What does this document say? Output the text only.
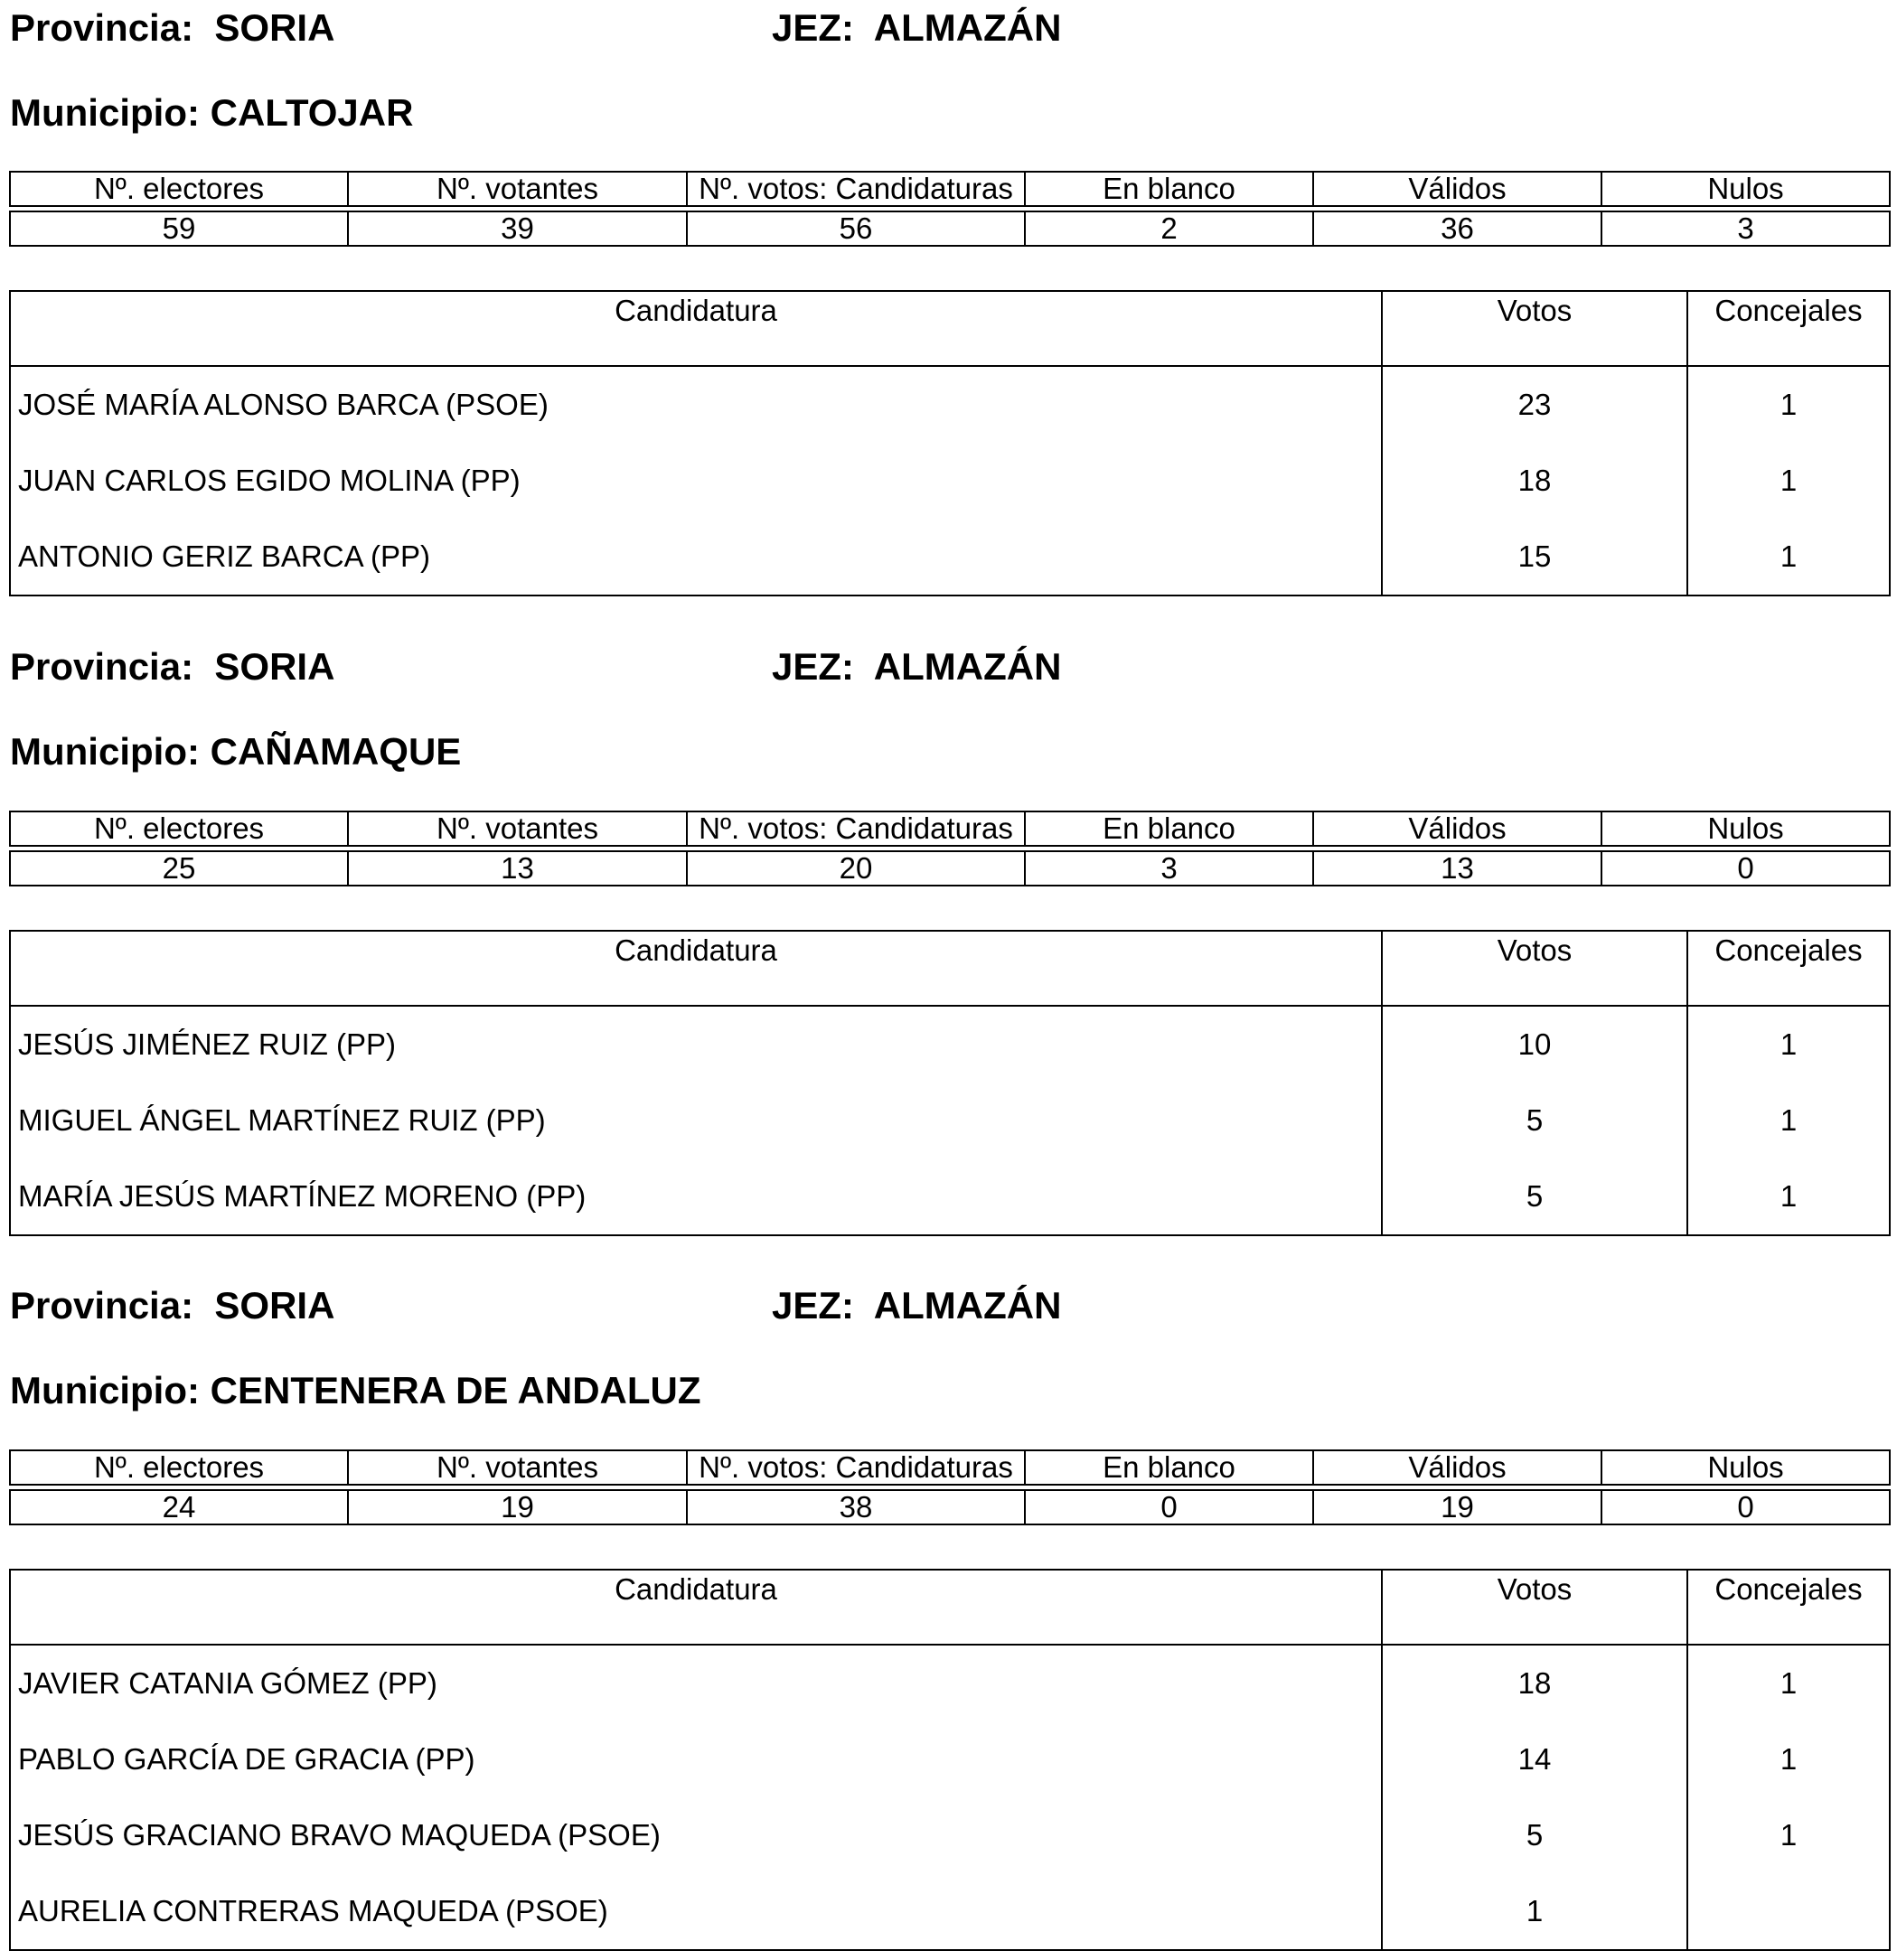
Provincia: SORIA	JEZ: ALMAZÁN
Municipio: CALTOJAR
Nº. electores	Nº. votantes	Nº. votos: Candidaturas	En blanco	Válidos	Nulos
59	39	56	2	36	3
Candidatura	Votos	Concejales
JOSÉ MARÍA ALONSO BARCA (PSOE)	23	1
JUAN CARLOS EGIDO MOLINA (PP)	18	1
ANTONIO GERIZ BARCA (PP)	15	1
Provincia: SORIA	JEZ: ALMAZÁN
Municipio: CAÑAMAQUE
Nº. electores	Nº. votantes	Nº. votos: Candidaturas	En blanco	Válidos	Nulos
25	13	20	3	13	0
Candidatura	Votos	Concejales
JESÚS JIMÉNEZ RUIZ (PP)	10	1
MIGUEL ÁNGEL MARTÍNEZ RUIZ (PP)	5	1
MARÍA JESÚS MARTÍNEZ MORENO (PP)	5	1
Provincia: SORIA	JEZ: ALMAZÁN
Municipio: CENTENERA DE ANDALUZ
Nº. electores	Nº. votantes	Nº. votos: Candidaturas	En blanco	Válidos	Nulos
24	19	38	0	19	0
Candidatura	Votos	Concejales
JAVIER CATANIA GÓMEZ (PP)	18	1
PABLO GARCÍA DE GRACIA (PP)	14	1
JESÚS GRACIANO BRAVO MAQUEDA (PSOE)	5	1
AURELIA CONTRERAS MAQUEDA (PSOE)	1	
